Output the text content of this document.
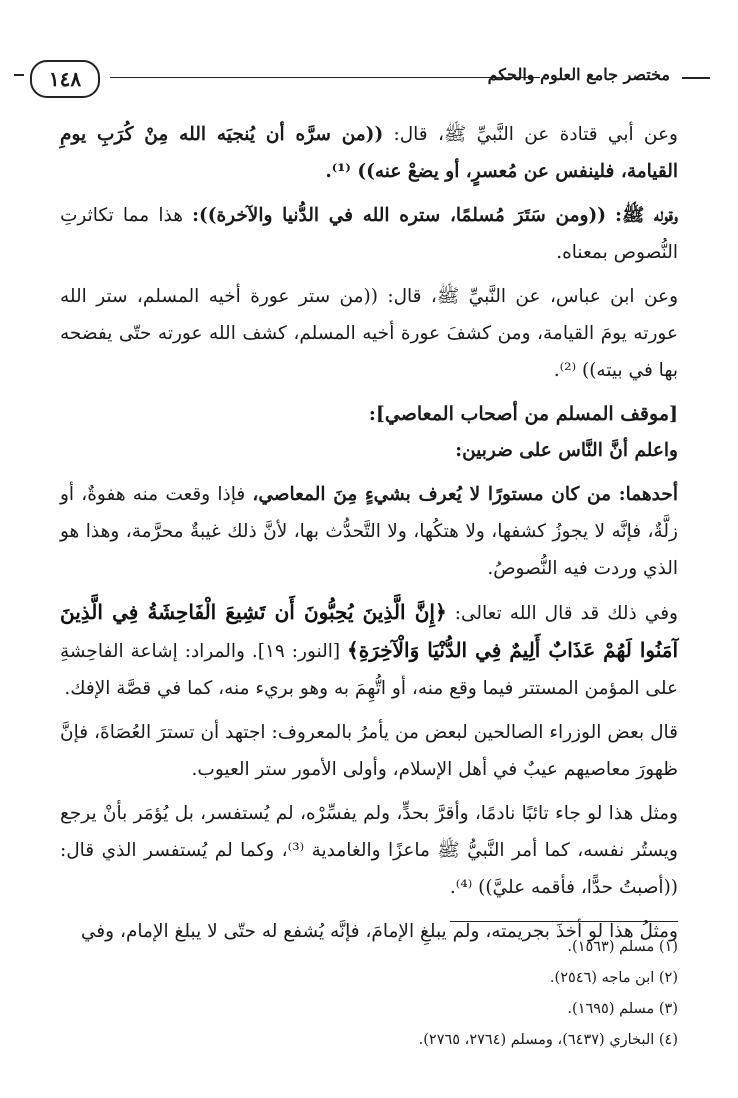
١٤٨	مختصر جامع العلوم والحكم

وعن أبي قتادة عن النَّبيِّ ﷺ، قال: ((من سرَّه أن يُنجيَه الله مِنْ كُرَبِ يومِ القيامة، فلينفس عن مُعسرٍ، أو يضعْ عنه)) ⁽¹⁾.

وقوله ﷺ: ((ومن سَتَرَ مُسلمًا، ستره الله في الدُّنيا والآخرة)): هذا مما تكاثرتِ النُّصوص بمعناه.

وعن ابن عباس، عن النَّبيِّ ﷺ، قال: ((من ستر عورة أخيه المسلم، ستر الله عورته يومَ القيامة، ومن كشفَ عورة أخيه المسلم، كشف الله عورته حتّى يفضحه بها في بيته)) ⁽²⁾.

[موقف المسلم من أصحاب المعاصي]:

واعلم أنَّ النَّاس على ضربين:

أحدهما: من كان مستورًا لا يُعرف بشيءٍ مِنَ المعاصي، فإذا وقعت منه هفوةٌ، أو زلَّةٌ، فإنَّه لا يجوزُ كشفها، ولا هتكُها، ولا التَّحدُّث بها، لأنَّ ذلك غيبةٌ محرَّمة، وهذا هو الذي وردت فيه النُّصوصُ.

وفي ذلك قد قال الله تعالى: ﴿إِنَّ الَّذِينَ يُحِبُّونَ أَن تَشِيعَ الْفَاحِشَةُ فِي الَّذِينَ آمَنُوا لَهُمْ عَذَابٌ أَلِيمٌ فِي الدُّنْيَا وَالْآخِرَةِ﴾ [النور: ١٩]. والمراد: إشاعة الفاحِشةِ على المؤمن المستتر فيما وقع منه، أو اتُّهِمَ به وهو بريء منه، كما في قصَّة الإفك.

قال بعض الوزراء الصالحين لبعض من يأمرُ بالمعروف: اجتهد أن تسترَ العُصَاةَ، فإنَّ ظهورَ معاصيهم عيبٌ في أهل الإسلام، وأولى الأمور ستر العيوب.

ومثل هذا لو جاء تائبًا نادمًا، وأقرَّ بحدٍّ، ولم يفسِّرْه، لم يُستفسر، بل يُؤمَر بأنْ يرجع ويستُر نفسه، كما أمر النَّبيُّ ﷺ ماعزًا والغامدية ⁽³⁾، وكما لم يُستفسر الذي قال: ((أصبتُ حدًّا، فأقمه عليَّ)) ⁽⁴⁾.

ومثلُ هذا لو أخذَ بجريمته، ولم يبلغِ الإمامَ، فإنَّه يُشفع له حتّى لا يبلغ الإمام، وفي

(١) مسلم (١٥٦٣).

(٢) ابن ماجه (٢٥٤٦).

(٣) مسلم (١٦٩٥).

(٤) البخاري (٦٤٣٧)، ومسلم (٢٧٦٤، ٢٧٦٥).
